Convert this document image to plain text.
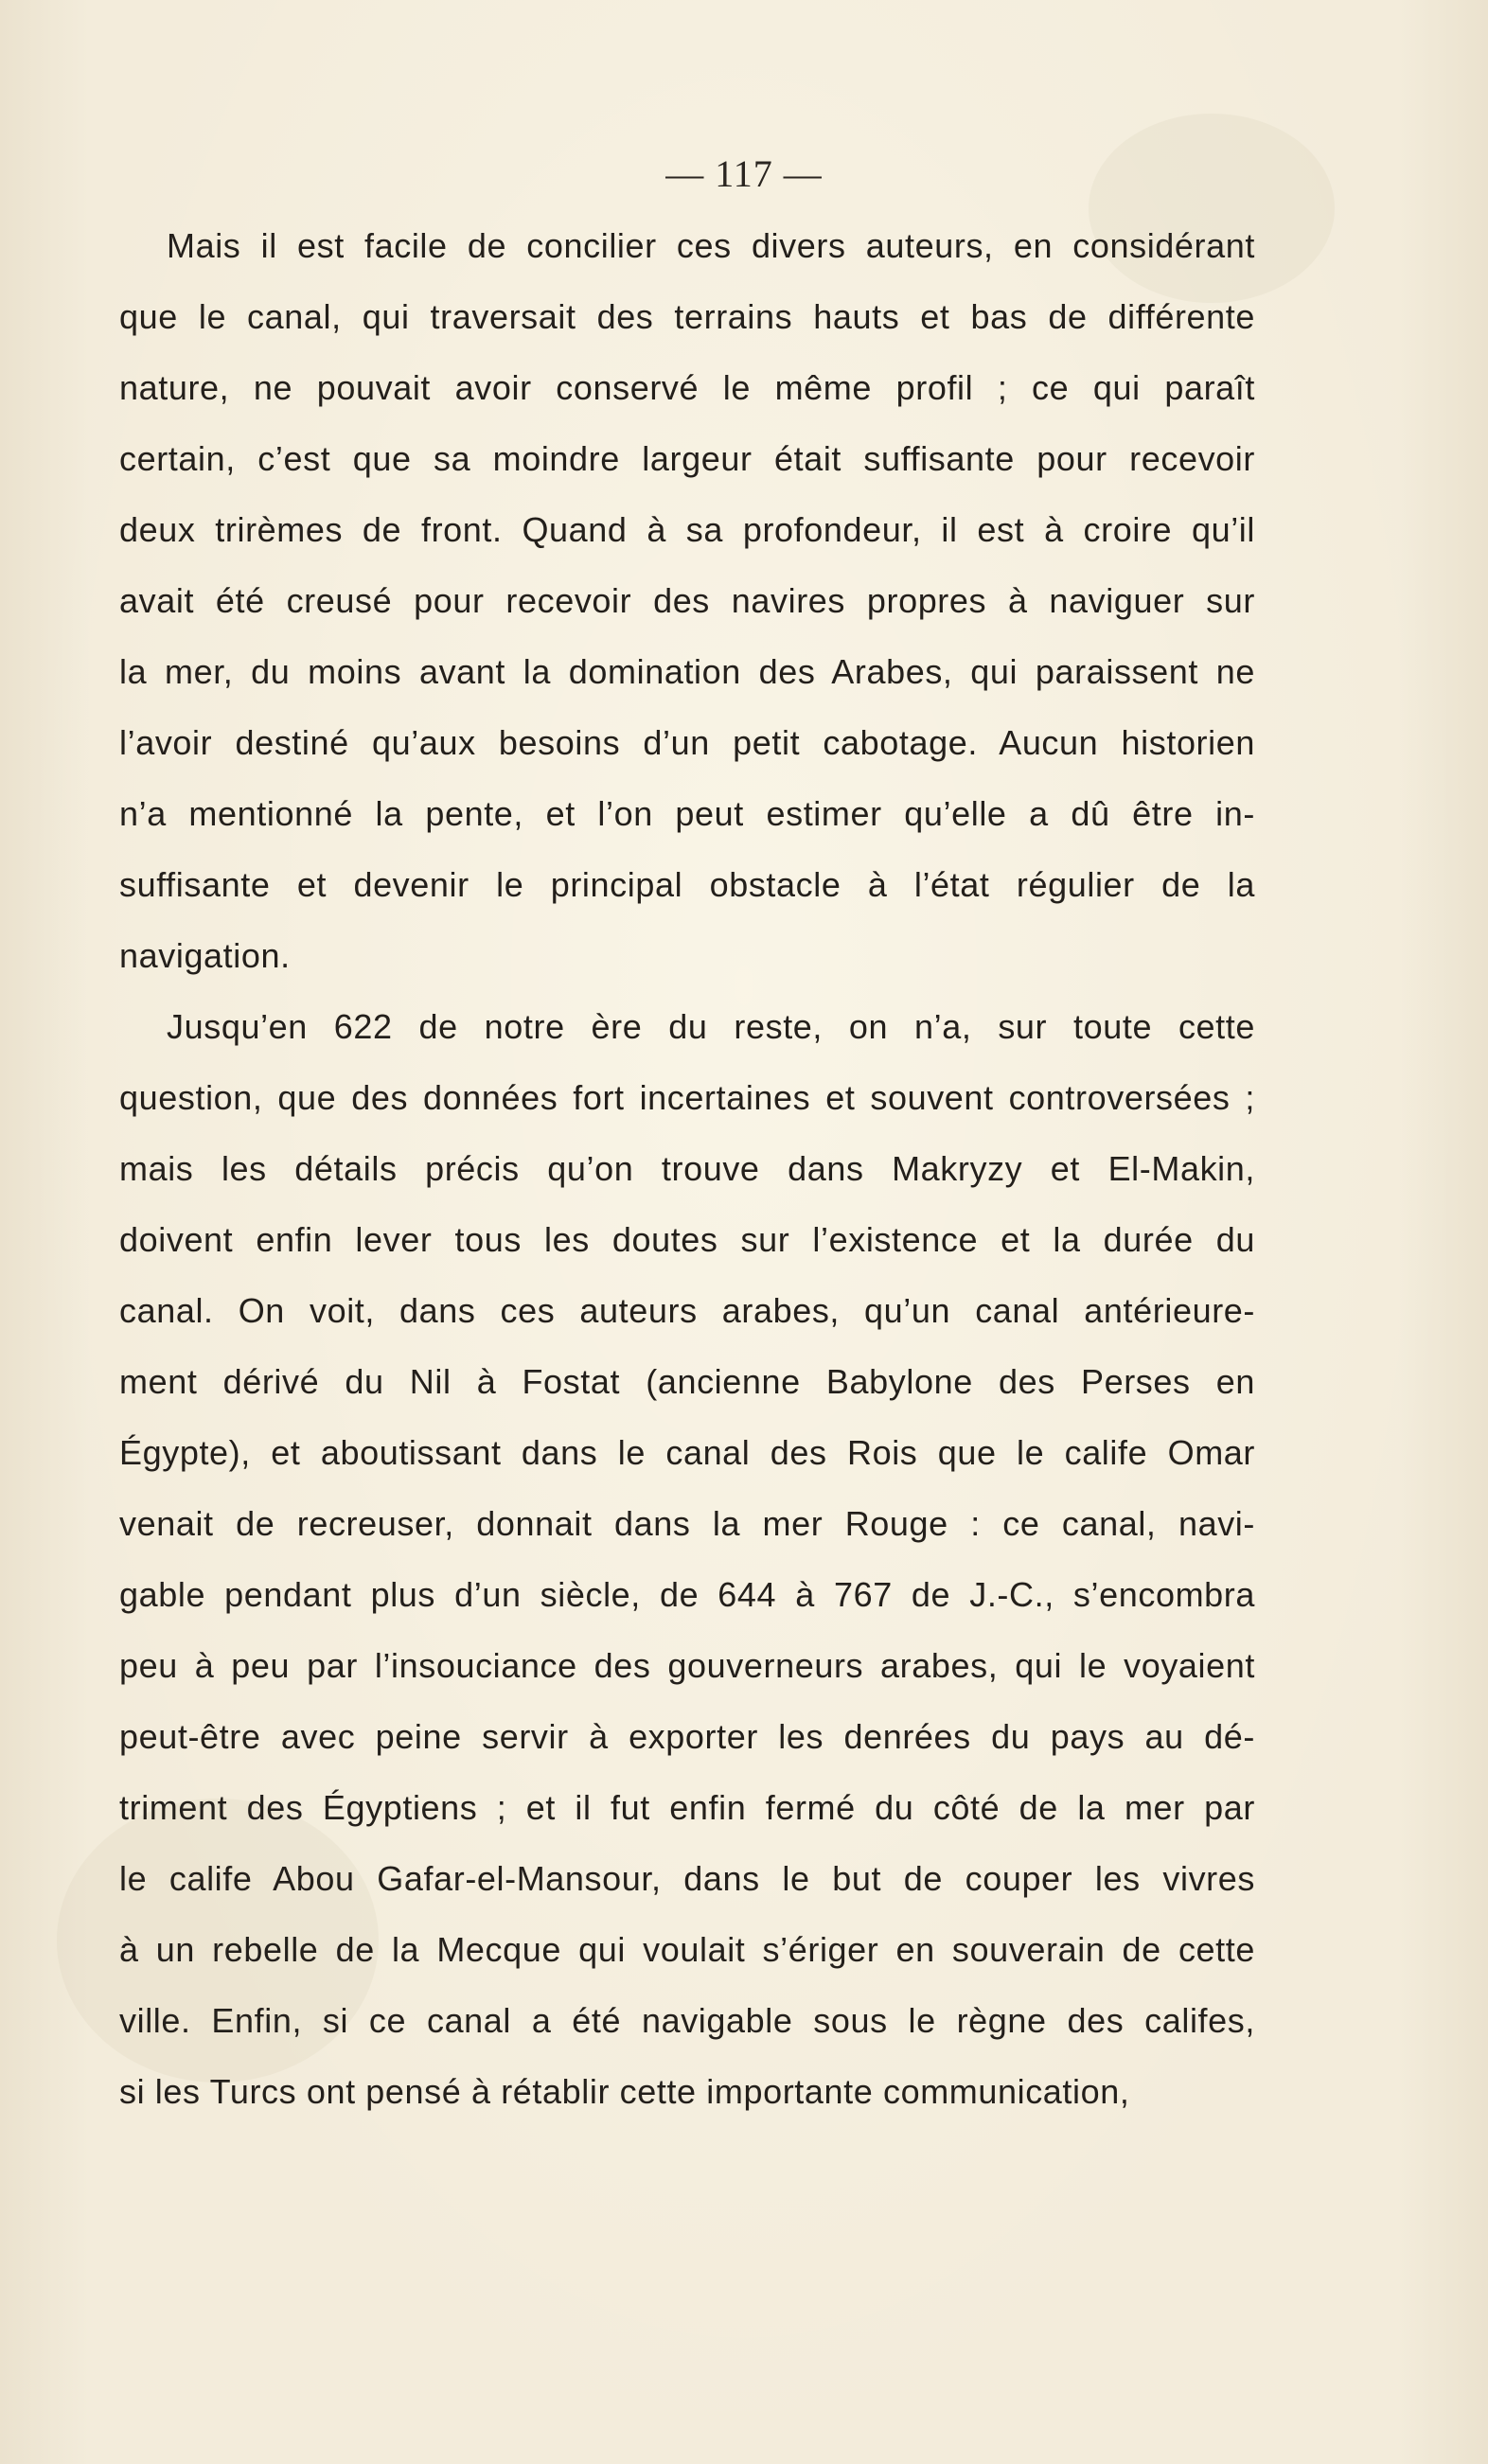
— 117 —
Mais il est facile de concilier ces divers auteurs, en considérant
que le canal, qui traversait des terrains hauts et bas de différente
nature, ne pouvait avoir conservé le même profil ; ce qui paraît
certain, c’est que sa moindre largeur était suffisante pour recevoir
deux trirèmes de front. Quand à sa profondeur, il est à croire qu’il
avait été creusé pour recevoir des navires propres à naviguer sur
la mer, du moins avant la domination des Arabes, qui paraissent ne
l’avoir destiné qu’aux besoins d’un petit cabotage. Aucun historien
n’a mentionné la pente, et l’on peut estimer qu’elle a dû être in-
suffisante et devenir le principal obstacle à l’état régulier de la
navigation.
Jusqu’en 622 de notre ère du reste, on n’a, sur toute cette
question, que des données fort incertaines et souvent controversées ;
mais les détails précis qu’on trouve dans Makryzy et El-Makin,
doivent enfin lever tous les doutes sur l’existence et la durée du
canal. On voit, dans ces auteurs arabes, qu’un canal antérieure-
ment dérivé du Nil à Fostat (ancienne Babylone des Perses en
Égypte), et aboutissant dans le canal des Rois que le calife Omar
venait de recreuser, donnait dans la mer Rouge : ce canal, navi-
gable pendant plus d’un siècle, de 644 à 767 de J.-C., s’encombra
peu à peu par l’insouciance des gouverneurs arabes, qui le voyaient
peut-être avec peine servir à exporter les denrées du pays au dé-
triment des Égyptiens ; et il fut enfin fermé du côté de la mer par
le calife Abou Gafar-el-Mansour, dans le but de couper les vivres
à un rebelle de la Mecque qui voulait s’ériger en souverain de cette
ville. Enfin, si ce canal a été navigable sous le règne des califes,
si les Turcs ont pensé à rétablir cette importante communication,
